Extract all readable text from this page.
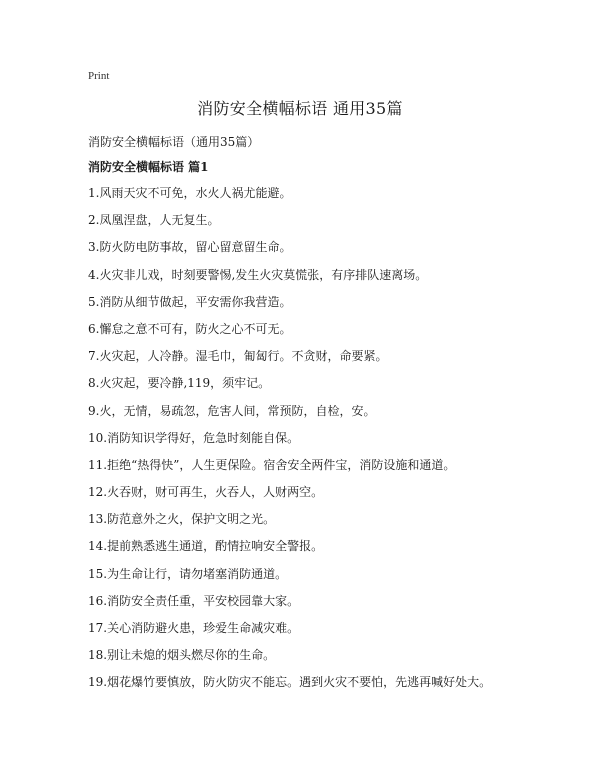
Print
消防安全横幅标语 通用35篇
消防安全横幅标语（通用35篇）
消防安全横幅标语 篇1
1.风雨天灾不可免，水火人祸尤能避。
2.凤凰涅盘，人无复生。
3.防火防电防事故，留心留意留生命。
4.火灾非儿戏，时刻要警惕,发生火灾莫慌张，有序排队速离场。
5.消防从细节做起，平安需你我营造。
6.懈怠之意不可有，防火之心不可无。
7.火灾起，人冷静。湿毛巾，匍匐行。不贪财，命要紧。
8.火灾起，要冷静,119，须牢记。
9.火，无情，易疏忽，危害人间，常预防，自检，安。
10.消防知识学得好，危急时刻能自保。
11.拒绝“热得快”，人生更保险。宿舍安全两件宝，消防设施和通道。
12.火吞财，财可再生，火吞人，人财两空。
13.防范意外之火，保护文明之光。
14.提前熟悉逃生通道，酌情拉响安全警报。
15.为生命让行，请勿堵塞消防通道。
16.消防安全责任重，平安校园靠大家。
17.关心消防避火患，珍爱生命减灾难。
18.别让未熄的烟头燃尽你的生命。
19.烟花爆竹要慎放，防火防灾不能忘。遇到火灾不要怕，先逃再喊好处大。
